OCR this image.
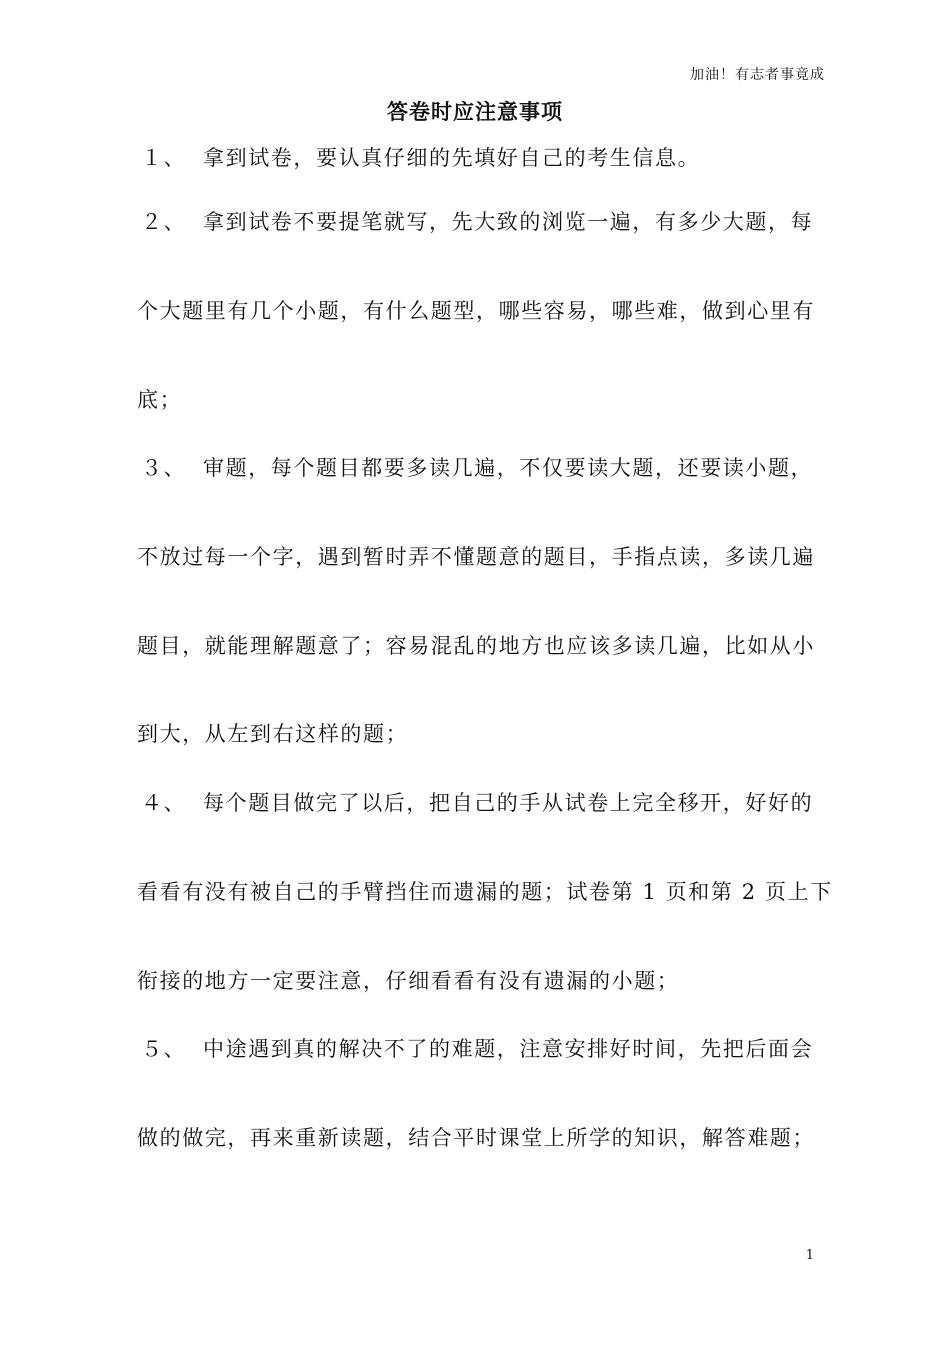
加油！有志者事竟成
答卷时应注意事项
１、 拿到试卷，要认真仔细的先填好自己的考生信息。
２、 拿到试卷不要提笔就写，先大致的浏览一遍，有多少大题，每
个大题里有几个小题，有什么题型，哪些容易，哪些难，做到心里有
底；
３、 审题，每个题目都要多读几遍，不仅要读大题，还要读小题，
不放过每一个字，遇到暂时弄不懂题意的题目，手指点读，多读几遍
题目，就能理解题意了；容易混乱的地方也应该多读几遍，比如从小
到大，从左到右这样的题；
４、 每个题目做完了以后，把自己的手从试卷上完全移开，好好的
看看有没有被自己的手臂挡住而遗漏的题；试卷第 1 页和第 2 页上下
衔接的地方一定要注意，仔细看看有没有遗漏的小题；
５、 中途遇到真的解决不了的难题，注意安排好时间，先把后面会
做的做完，再来重新读题，结合平时课堂上所学的知识，解答难题；
1
